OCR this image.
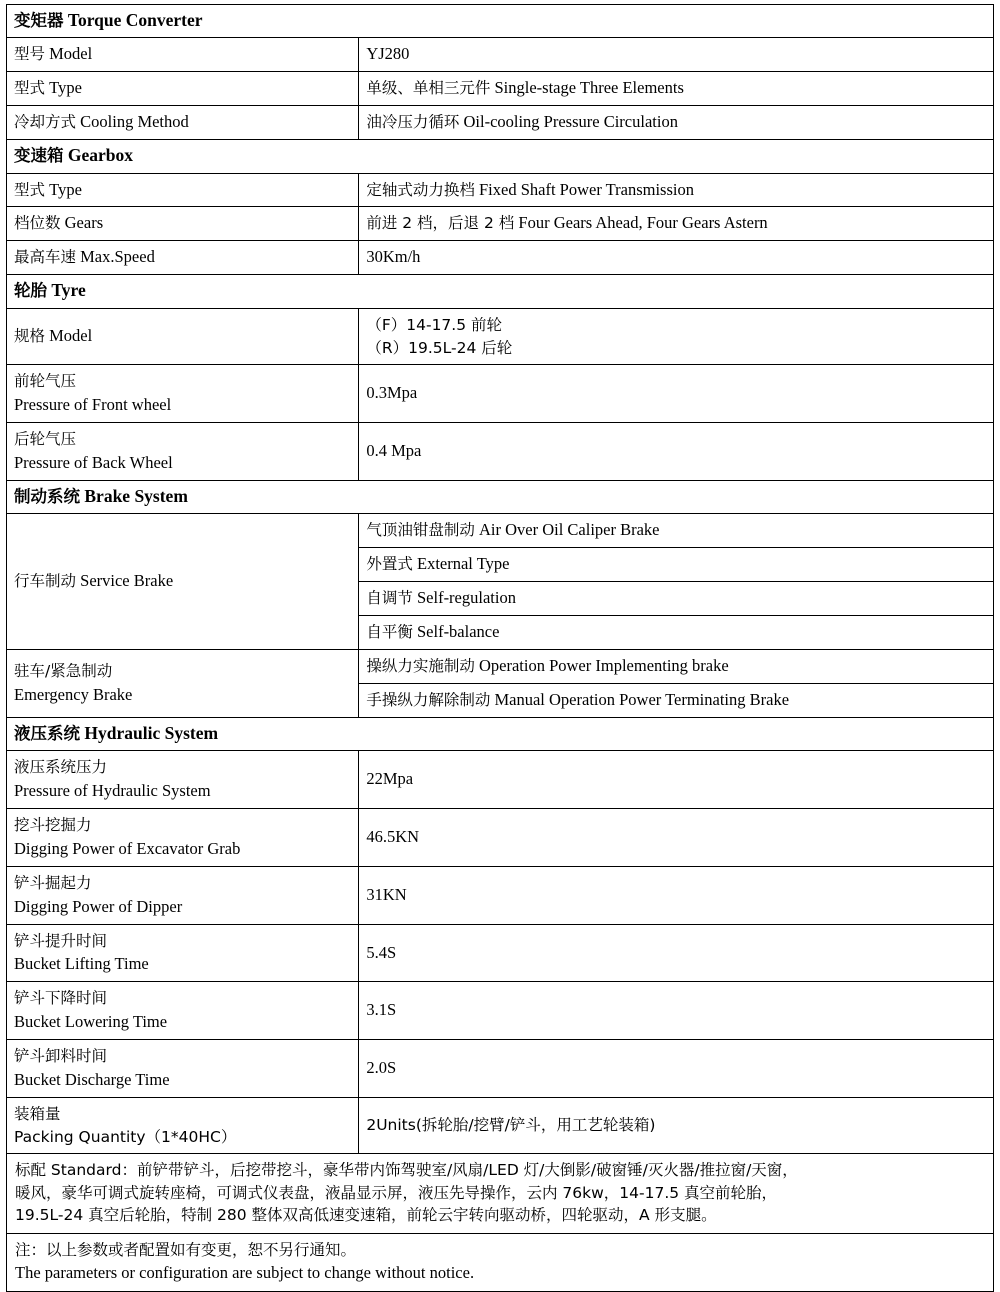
变矩器 Torque Converter	
型号 Model	YJ280
型式 Type	单级、单相三元件 Single-stage Three Elements
冷却方式 Cooling Method	油冷压力循环 Oil-cooling Pressure Circulation
变速箱 Gearbox	
型式 Type	定轴式动力换档 Fixed Shaft Power Transmission
档位数 Gears	前进 2 档，后退 2 档 Four Gears Ahead, Four Gears Astern
最高车速 Max.Speed	30Km/h
轮胎 Tyre	
规格 Model	（F）14-17.5 前轮
（R）19.5L-24 后轮

前轮气压
Pressure of Front wheel	0.3Mpa
后轮气压
Pressure of Back Wheel	0.4 Mpa
制动系统 Brake System	
行车制动 Service Brake	气顶油钳盘制动 Air Over Oil Caliper Brake
	外置式 External Type
	自调节 Self-regulation
	自平衡 Self-balance
驻车/紧急制动
Emergency Brake	操纵力实施制动 Operation Power Implementing brake
	手操纵力解除制动 Manual Operation Power Terminating Brake
液压系统 Hydraulic System	
液压系统压力
Pressure of Hydraulic System	22Mpa
挖斗挖掘力
Digging Power of Excavator Grab	46.5KN
铲斗掘起力
Digging Power of Dipper	31KN
铲斗提升时间
Bucket Lifting Time	5.4S
铲斗下降时间
Bucket Lowering Time	3.1S
铲斗卸料时间
Bucket Discharge Time	2.0S
装箱量
Packing Quantity（1*40HC）	2Units(拆轮胎/挖臂/铲斗，用工艺轮装箱)

标配 Standard：前铲带铲斗，后挖带挖斗，豪华带内饰驾驶室/风扇/LED 灯/大倒影/破窗锤/灭火器/推拉窗/天窗，

暖风，豪华可调式旋转座椅，可调式仪表盘，液晶显示屏，液压先导操作，云内 76kw，14-17.5 真空前轮胎，

19.5L-24 真空后轮胎，特制 280 整体双高低速变速箱，前轮云宇转向驱动桥，四轮驱动，A 形支腿。	

注：以上参数或者配置如有变更，恕不另行通知。

The parameters or configuration are subject to change without notice.	
